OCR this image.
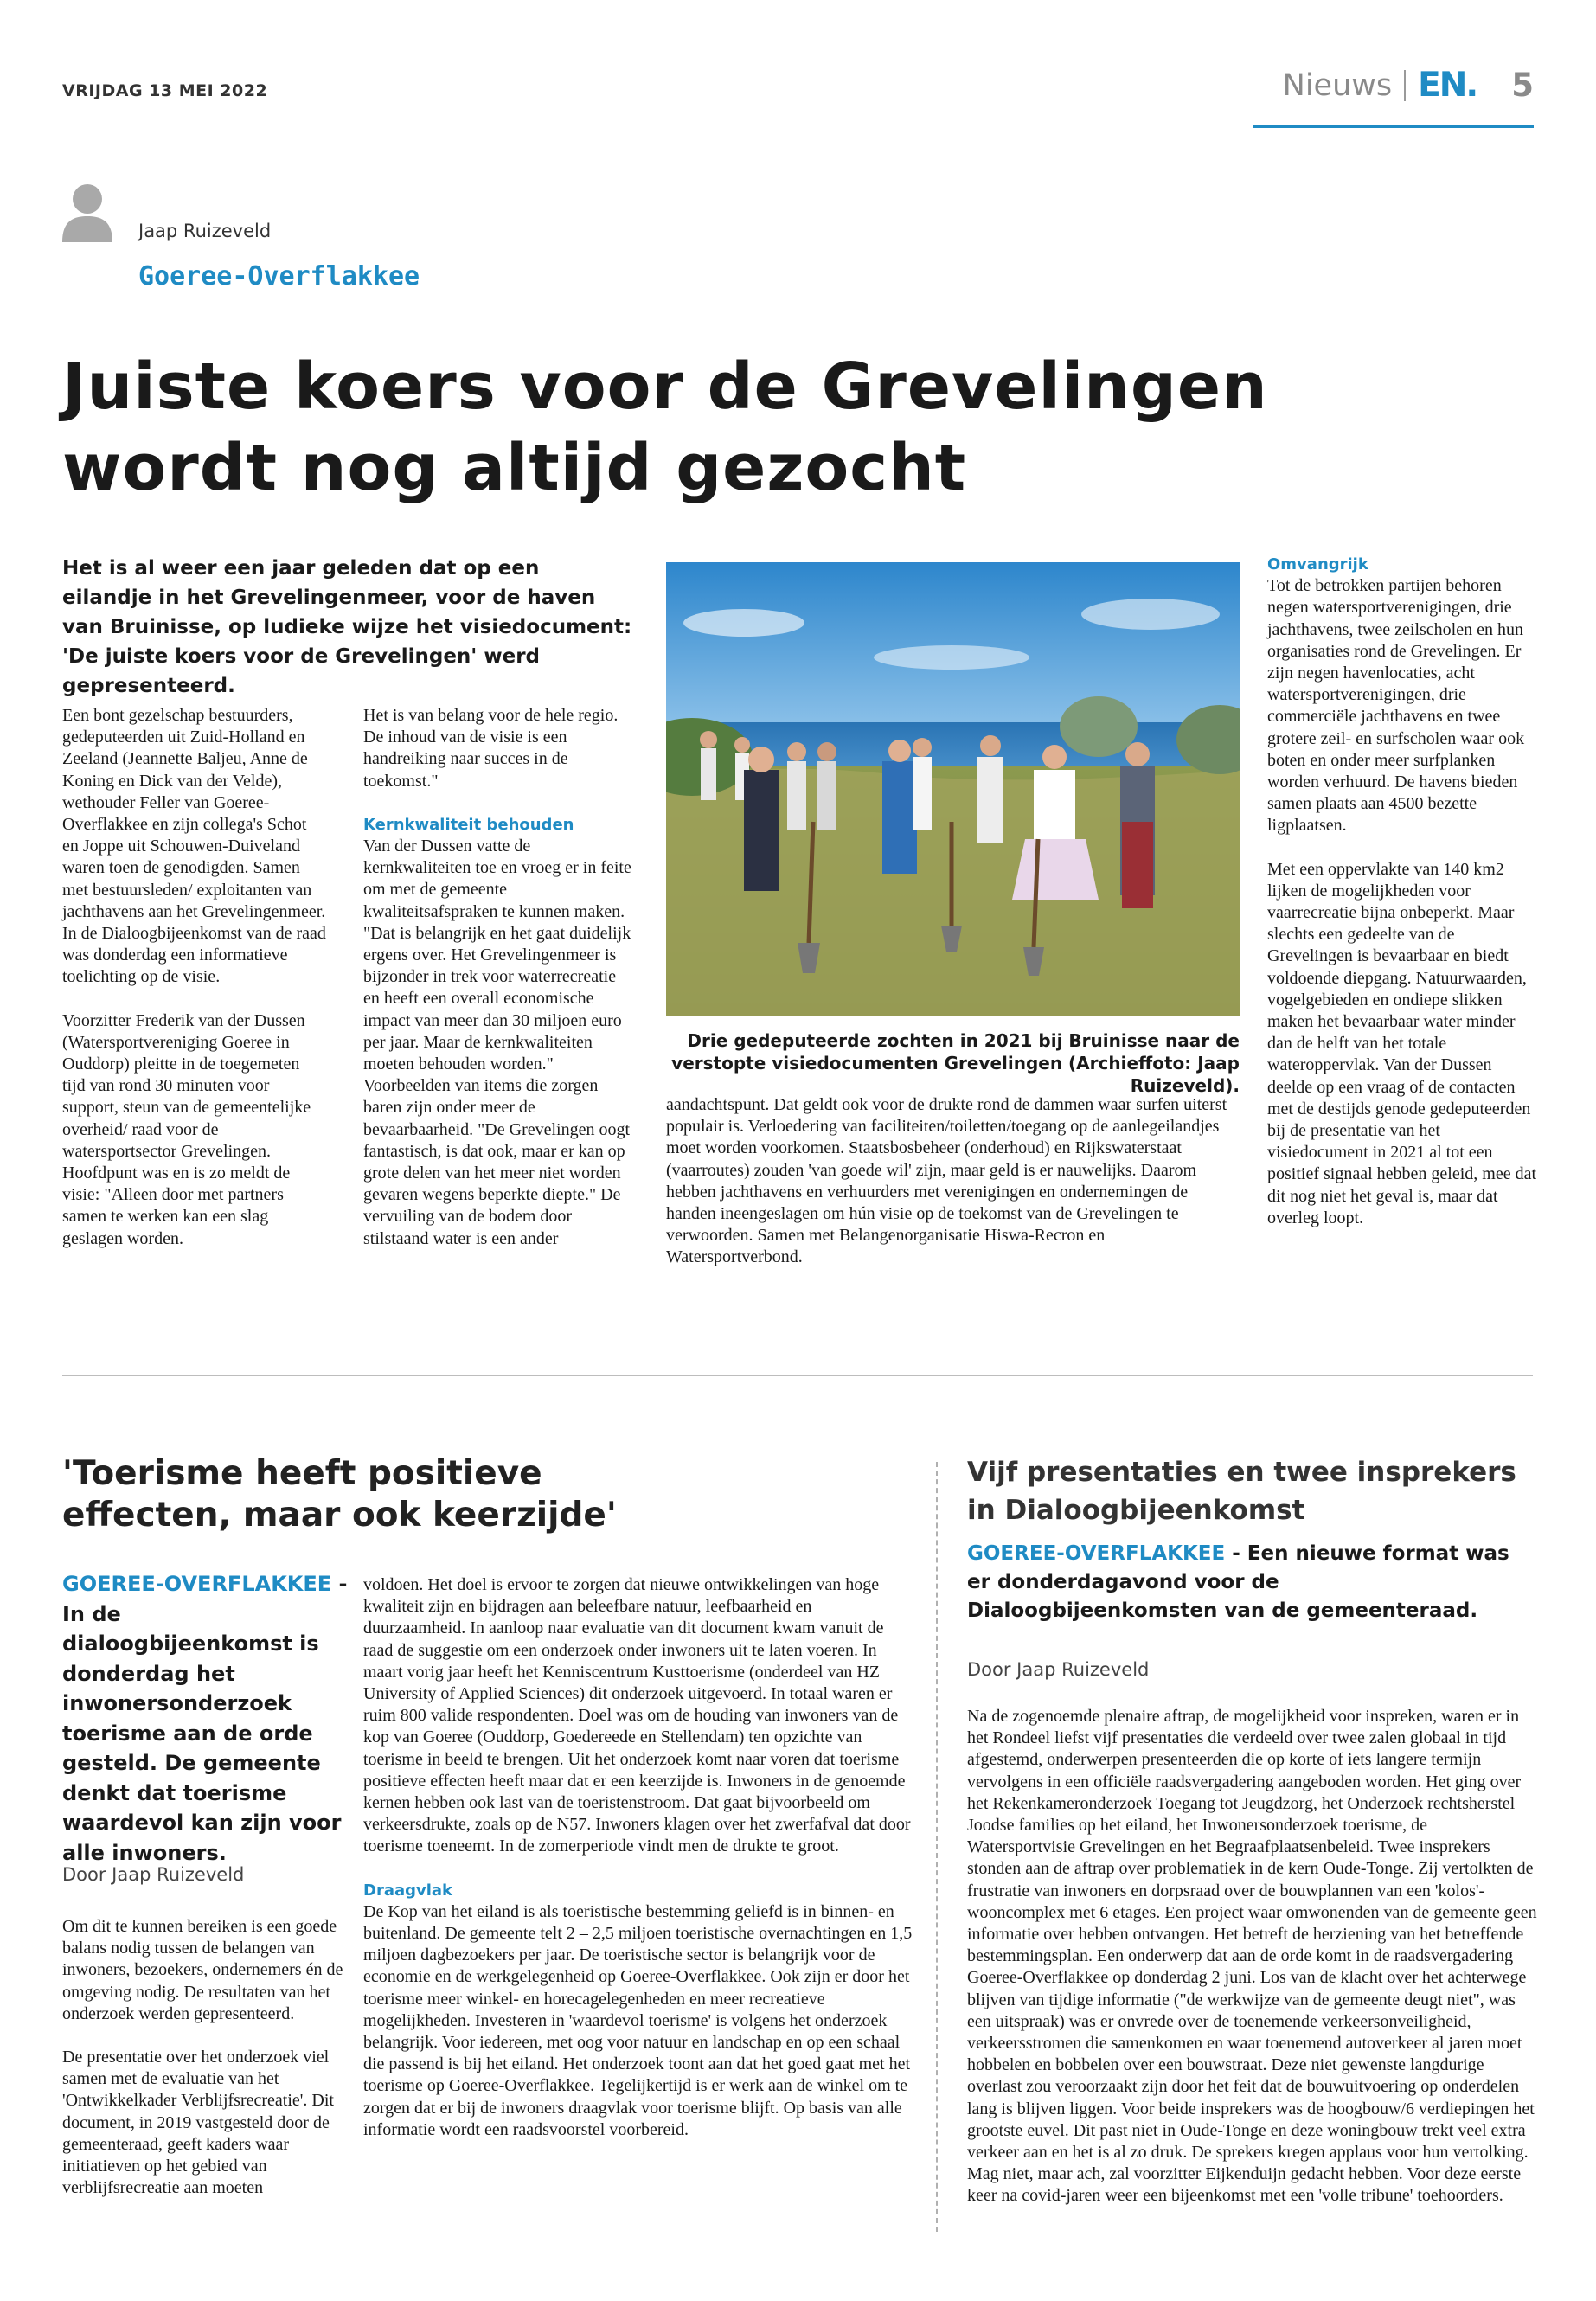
VRIJDAG 13 MEI 2022	Nieuws EN. 5
Jaap Ruizeveld
Goeree-Overflakkee
Juiste koers voor de Grevelingen
wordt nog altijd gezocht
Het is al weer een jaar geleden dat op een eilandje in het Grevelingenmeer, voor de haven van Bruinisse, op ludieke wijze het visiedocument: 'De juiste koers voor de Grevelingen' werd gepresenteerd.

Een bont gezelschap bestuurders, gedeputeerden uit Zuid-Holland en Zeeland (Jeannette Baljeu, Anne de Koning en Dick van der Velde), wethouder Feller van Goeree-Overflakkee en zijn collega's Schot en Joppe uit Schouwen-Duiveland waren toen de genodigden. Samen met bestuursleden/ exploitanten van jachthavens aan het Grevelingenmeer. In de Dialoogbijeenkomst van de raad was donderdag een informatieve toelichting op de visie.

Voorzitter Frederik van der Dussen (Watersportvereniging Goeree in Ouddorp) pleitte in de toegemeten tijd van rond 30 minuten voor support, steun van de gemeentelijke overheid/ raad voor de watersportsector Grevelingen. Hoofdpunt was en is zo meldt de visie: "Alleen door met partners samen te werken kan een slag geslagen worden.

Het is van belang voor de hele regio. De inhoud van de visie is een handreiking naar succes in de toekomst."

Kernkwaliteit behouden
Van der Dussen vatte de kernkwaliteiten toe en vroeg er in feite om met de gemeente kwaliteitsafspraken te kunnen maken. "Dat is belangrijk en het gaat duidelijk ergens over. Het Grevelingenmeer is bijzonder in trek voor waterrecreatie en heeft een overall economische impact van meer dan 30 miljoen euro per jaar. Maar de kernkwaliteiten moeten behouden worden." Voorbeelden van items die zorgen baren zijn onder meer de bevaarbaarheid. "De Grevelingen oogt fantastisch, is dat ook, maar er kan op grote delen van het meer niet worden gevaren wegens beperkte diepte." De vervuiling van de bodem door stilstaand water is een ander
Drie gedeputeerde zochten in 2021 bij Bruinisse naar de verstopte visiedocumenten Grevelingen (Archieffoto: Jaap Ruizeveld).
aandachtspunt. Dat geldt ook voor de drukte rond de dammen waar surfen uiterst populair is. Verloedering van faciliteiten/toiletten/toegang op de aanlegeilandjes moet worden voorkomen. Staatsbosbeheer (onderhoud) en Rijkswaterstaat (vaarroutes) zouden 'van goede wil' zijn, maar geld is er nauwelijks. Daarom hebben jachthavens en verhuurders met verenigingen en ondernemingen de handen ineengeslagen om hún visie op de toekomst van de Grevelingen te verwoorden. Samen met Belangenorganisatie Hiswa-Recron en Watersportverbond.
Omvangrijk

Tot de betrokken partijen behoren negen watersportverenigingen, drie jachthavens, twee zeilscholen en hun organisaties rond de Grevelingen. Er zijn negen havenlocaties, acht watersportverenigingen, drie commerciële jachthavens en twee grotere zeil- en surfscholen waar ook boten en onder meer surfplanken worden verhuurd. De havens bieden samen plaats aan 4500 bezette ligplaatsen.

Met een oppervlakte van 140 km2 lijken de mogelijkheden voor vaarrecreatie bijna onbeperkt. Maar slechts een gedeelte van de Grevelingen is bevaarbaar en biedt voldoende diepgang. Natuurwaarden, vogelgebieden en ondiepe slikken maken het bevaarbaar water minder dan de helft van het totale wateroppervlak. Van der Dussen deelde op een vraag of de contacten met de destijds genode gedeputeerden bij de presentatie van het visiedocument in 2021 al tot een positief signaal hebben geleid, mee dat dit nog niet het geval is, maar dat overleg loopt.

'Toerisme heeft positieve
effecten, maar ook keerzijde'
GOEREE-OVERFLAKKEE - In de dialoogbijeenkomst is donderdag het inwonersonderzoek toerisme aan de orde gesteld. De gemeente denkt dat toerisme waardevol kan zijn voor alle inwoners.
Door Jaap Ruizeveld

Om dit te kunnen bereiken is een goede balans nodig tussen de belangen van inwoners, bezoekers, ondernemers én de omgeving nodig. De resultaten van het onderzoek werden gepresenteerd.

De presentatie over het onderzoek viel samen met de evaluatie van het 'Ontwikkelkader Verblijfsrecreatie'. Dit document, in 2019 vastgesteld door de gemeenteraad, geeft kaders waar initiatieven op het gebied van verblijfsrecreatie aan moeten

voldoen. Het doel is ervoor te zorgen dat nieuwe ontwikkelingen van hoge kwaliteit zijn en bijdragen aan beleefbare natuur, leefbaarheid en duurzaamheid. In aanloop naar evaluatie van dit document kwam vanuit de raad de suggestie om een onderzoek onder inwoners uit te laten voeren. In maart vorig jaar heeft het Kenniscentrum Kusttoerisme (onderdeel van HZ University of Applied Sciences) dit onderzoek uitgevoerd. In totaal waren er ruim 800 valide respondenten. Doel was om de houding van inwoners van de kop van Goeree (Ouddorp, Goedereede en Stellendam) ten opzichte van toerisme in beeld te brengen. Uit het onderzoek komt naar voren dat toerisme positieve effecten heeft maar dat er een keerzijde is. Inwoners in de genoemde kernen hebben ook last van de toeristenstroom. Dat gaat bijvoorbeeld om verkeersdrukte, zoals op de N57. Inwoners klagen over het zwerfafval dat door toerisme toeneemt. In de zomerperiode vindt men de drukte te groot.

Draagvlak
De Kop van het eiland is als toeristische bestemming geliefd is in binnen- en buitenland. De gemeente telt 2 – 2,5 miljoen toeristische overnachtingen en 1,5 miljoen dagbezoekers per jaar. De toeristische sector is belangrijk voor de economie en de werkgelegenheid op Goeree-Overflakkee. Ook zijn er door het toerisme meer winkel- en horecagelegenheden en meer recreatieve mogelijkheden. Investeren in 'waardevol toerisme' is volgens het onderzoek belangrijk. Voor iedereen, met oog voor natuur en landschap en op een schaal die passend is bij het eiland. Het onderzoek toont aan dat het goed gaat met het toerisme op Goeree-Overflakkee. Tegelijkertijd is er werk aan de winkel om te zorgen dat er bij de inwoners draagvlak voor toerisme blijft. Op basis van alle informatie wordt een raadsvoorstel voorbereid.
Vijf presentaties en twee insprekers
in Dialoogbijeenkomst
GOEREE-OVERFLAKKEE - Een nieuwe format was er donderdagavond voor de Dialoogbijeenkomsten van de gemeenteraad.
Door Jaap Ruizeveld
Na de zogenoemde plenaire aftrap, de mogelijkheid voor inspreken, waren er in het Rondeel liefst vijf presentaties die verdeeld over twee zalen globaal in tijd afgestemd, onderwerpen presenteerden die op korte of iets langere termijn vervolgens in een officiële raadsvergadering aangeboden worden. Het ging over het Rekenkameronderzoek Toegang tot Jeugdzorg, het Onderzoek rechtsherstel Joodse families op het eiland, het Inwonersonderzoek toerisme, de Watersportvisie Grevelingen en het Begraafplaatsenbeleid. Twee insprekers stonden aan de aftrap over problematiek in de kern Oude-Tonge. Zij vertolkten de frustratie van inwoners en dorpsraad over de bouwplannen van een 'kolos'-wooncomplex met 6 etages. Een project waar omwonenden van de gemeente geen informatie over hebben ontvangen. Het betreft de herziening van het betreffende bestemmingsplan. Een onderwerp dat aan de orde komt in de raadsvergadering Goeree-Overflakkee op donderdag 2 juni. Los van de klacht over het achterwege blijven van tijdige informatie ("de werkwijze van de gemeente deugt niet", was een uitspraak) was er onvrede over de toenemende verkeersonveiligheid, verkeersstromen die samenkomen en waar toenemend autoverkeer al jaren moet hobbelen en bobbelen over een bouwstraat. Deze niet gewenste langdurige overlast zou veroorzaakt zijn door het feit dat de bouwuitvoering op onderdelen lang is blijven liggen. Voor beide insprekers was de hoogbouw/6 verdiepingen het grootste euvel. Dit past niet in Oude-Tonge en deze woningbouw trekt veel extra verkeer aan en het is al zo druk. De sprekers kregen applaus voor hun vertolking. Mag niet, maar ach, zal voorzitter Eijkenduijn gedacht hebben. Voor deze eerste keer na covid-jaren weer een bijeenkomst met een 'volle tribune' toehoorders.
